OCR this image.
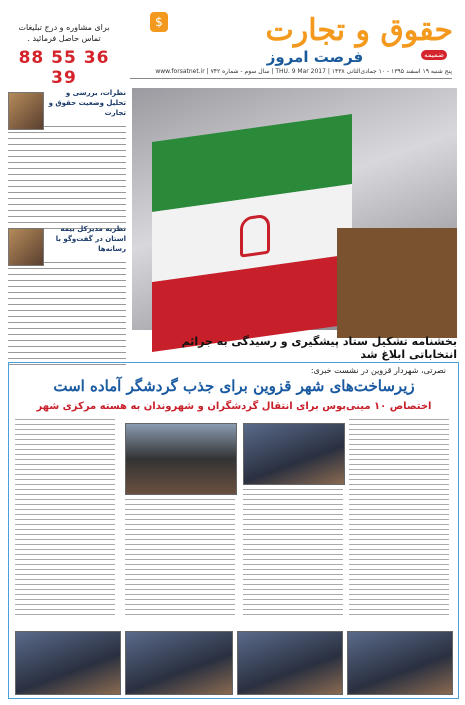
برای مشاوره و درج تبلیغات
تماس حاصل فرمائید .
88 55 36 39
حقوق و تجارت
$
فرصت امروز	ضمیمه
پنج شنبه ۱۹ اسفند ۱۳۹۵ - ۱۰ جمادی‌الثانی ۱۴۳۸ | THU. 9 Mar 2017 | سال سوم - شماره ۷۴۲ | www.forsatnet.ir
نظرات، بررسی و تحلیل وضعیت حقوق و تجارت
نظریه مدیرکل بیمه استان در گفت‌وگو با رسانه‌ها
بخشنامه تشکیل ستاد پیشگیری و رسیدگی به جرائم انتخاباتی ابلاغ شد
نصرتی، شهردار قزوین در نشست خبری:
زیرساخت‌های شهر قزوین برای جذب گردشگر آماده است
اختصاص ۱۰ مینی‌بوس برای انتقال گردشگران و شهروندان به هسته مرکزی شهر
